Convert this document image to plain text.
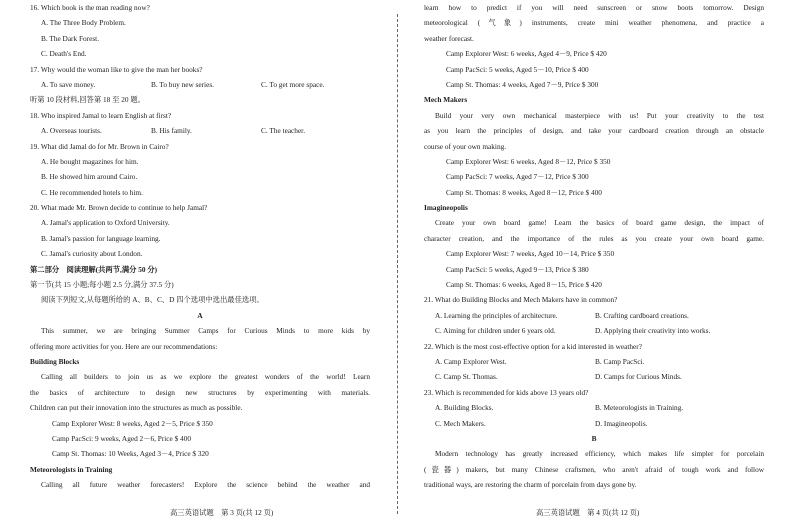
16. Which book is the man reading now?
A. The Three Body Problem.
B. The Dark Forest.
C. Death's End.
17. Why would the woman like to give the man her books?
A. To save money.	B. To buy new series.	C. To get more space.
听第 10 段材料,回答第 18 至 20 题。
18. Who inspired Jamal to learn English at first?
A. Overseas tourists.	B. His family.	C. The teacher.
19. What did Jamal do for Mr. Brown in Cairo?
A. He bought magazines for him.
B. He showed him around Cairo.
C. He recommended hotels to him.
20. What made Mr. Brown decide to continue to help Jamal?
A. Jamal's application to Oxford University.
B. Jamal's passion for language learning.
C. Jamal's curiosity about London.
第二部分　阅读理解(共两节,满分 50 分)
第一节(共 15 小题;每小题 2.5 分,满分 37.5 分)
阅读下列短文,从每题所给的 A、B、C、D 四个选项中选出最佳选项。
A
This summer, we are bringing Summer Camps for Curious Minds to more kids by
offering more activities for you. Here are our recommendations:
Building Blocks
Calling all builders to join us as we explore the greatest wonders of the world! Learn
the basics of architecture to design new structures by experimenting with materials.
Children can put their innovation into the structures as much as possible.
Camp Explorer West: 8 weeks, Aged 2－5, Price $ 350
Camp PacSci: 9 weeks, Aged 2－6, Price $ 400
Camp St. Thomas: 10 Weeks, Aged 3－4, Price $ 320
Meteorologists in Training
Calling all future weather forecasters! Explore the science behind the weather and
learn how to predict if you will need sunscreen or snow boots tomorrow. Design
meteorological (气象) instruments, create mini weather phenomena, and practice a
weather forecast.
Camp Explorer West: 6 weeks, Aged 4－9, Price $ 420
Camp PacSci: 5 weeks, Aged 5－10, Price $ 400
Camp St. Thomas: 4 weeks, Aged 7－9, Price $ 300
Mech Makers
Build your very own mechanical masterpiece with us! Put your creativity to the test
as you learn the principles of design, and take your cardboard creation through an obstacle
course of your own making.
Camp Explorer West: 6 weeks, Aged 8－12, Price $ 350
Camp PacSci: 7 weeks, Aged 7－12, Price $ 300
Camp St. Thomas: 8 weeks, Aged 8－12, Price $ 400
Imagineopolis
Create your own board game! Learn the basics of board game design, the impact of
character creation, and the importance of the rules as you create your own board game.
Camp Explorer West: 7 weeks, Aged 10－14, Price $ 350
Camp PacSci: 5 weeks, Aged 9－13, Price $ 380
Camp St. Thomas: 6 weeks, Aged 8－15, Price $ 420
21. What do Building Blocks and Mech Makers have in common?
A. Learning the principles of architecture.	B. Crafting cardboard creations.
C. Aiming for children under 6 years old.	D. Applying their creativity into works.
22. Which is the most cost-effective option for a kid interested in weather?
A. Camp Explorer West.	B. Camp PacSci.
C. Camp St. Thomas.	D. Camps for Curious Minds.
23. Which is recommended for kids above 13 years old?
A. Building Blocks.	B. Meteorologists in Training.
C. Mech Makers.	D. Imagineopolis.
B
Modern technology has greatly increased efficiency, which makes life simpler for porcelain
(瓷器) makers, but many Chinese craftsmen, who aren't afraid of tough work and follow
traditional ways, are restoring the charm of porcelain from days gone by.
高三英语试题　第 3 页(共 12 页)	高三英语试题　第 4 页(共 12 页)
